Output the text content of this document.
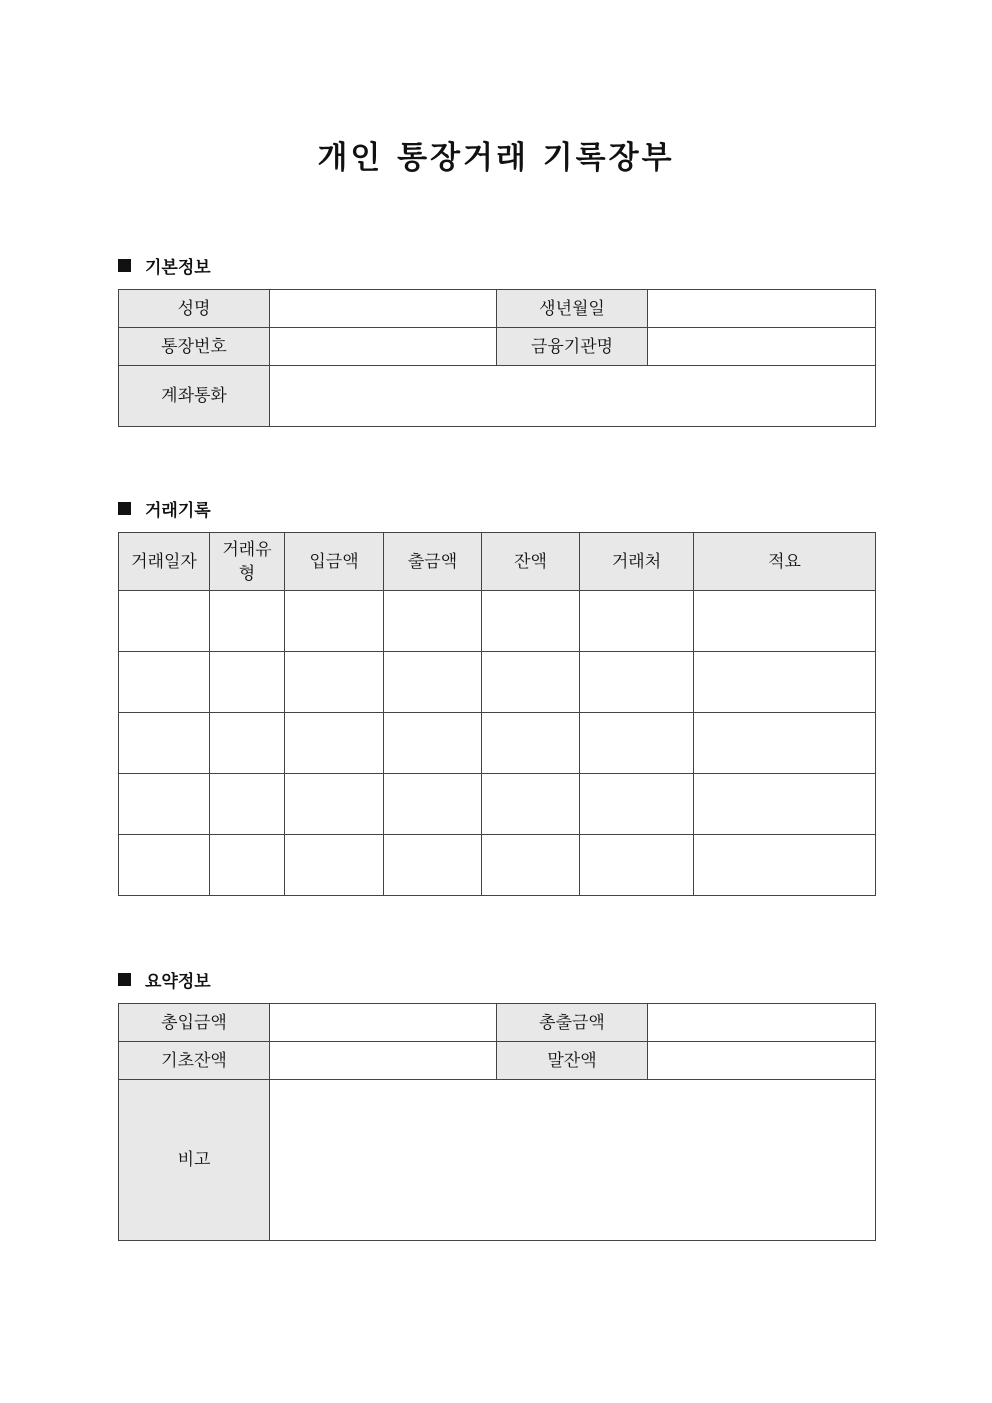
개인 통장거래 기록장부
기본정보
성명		생년월일	
통장번호		금융기관명	
계좌통화			
거래기록
거래일자	거래유형	입금액	출금액	잔액	거래처	적요

요약정보
총입금액		총출금액	
기초잔액		말잔액	
비고			
